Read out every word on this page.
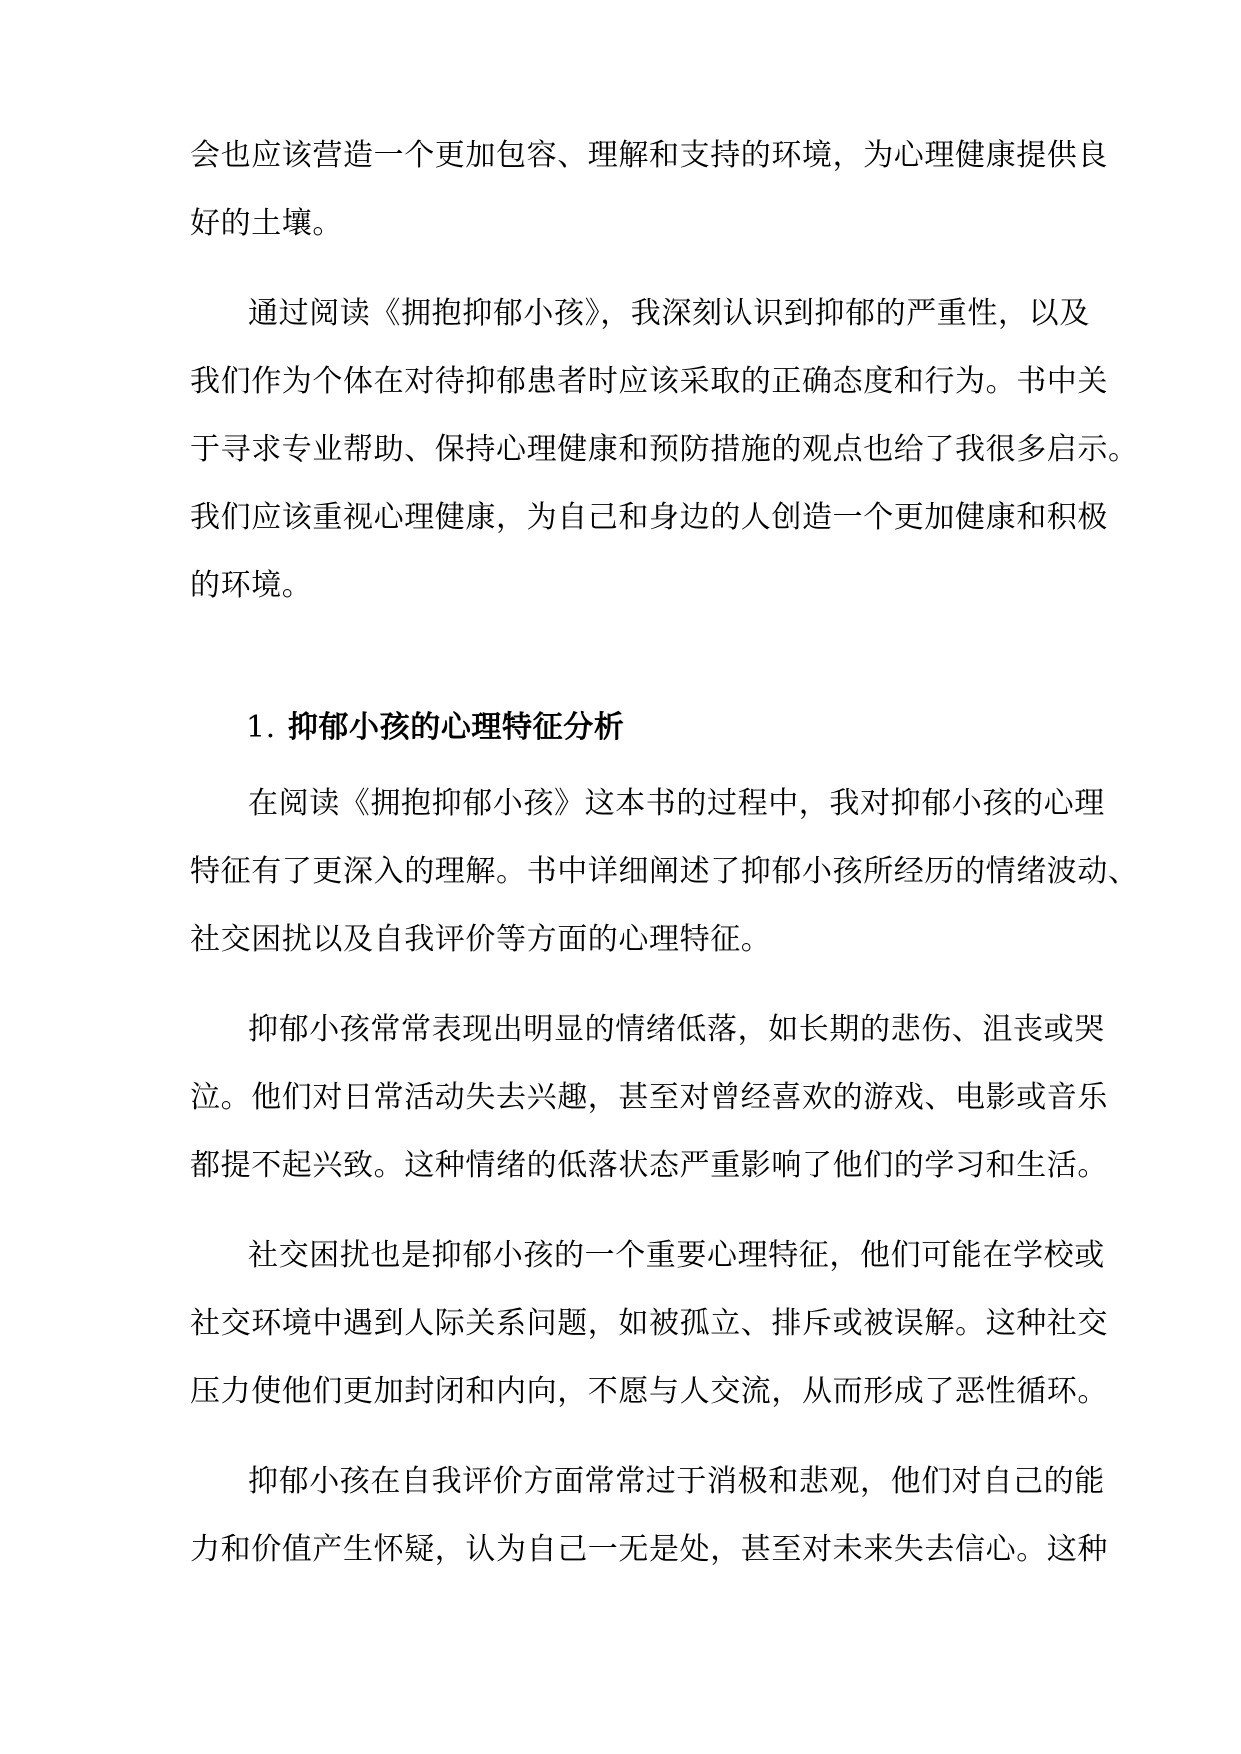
会也应该营造一个更加包容、理解和支持的环境，为心理健康提供良
好的土壤。
通过阅读《拥抱抑郁小孩》，我深刻认识到抑郁的严重性，以及
我们作为个体在对待抑郁患者时应该采取的正确态度和行为。书中关
于寻求专业帮助、保持心理健康和预防措施的观点也给了我很多启示。
我们应该重视心理健康，为自己和身边的人创造一个更加健康和积极
的环境。
1. 抑郁小孩的心理特征分析
在阅读《拥抱抑郁小孩》这本书的过程中，我对抑郁小孩的心理
特征有了更深入的理解。书中详细阐述了抑郁小孩所经历的情绪波动、
社交困扰以及自我评价等方面的心理特征。
抑郁小孩常常表现出明显的情绪低落，如长期的悲伤、沮丧或哭
泣。他们对日常活动失去兴趣，甚至对曾经喜欢的游戏、电影或音乐
都提不起兴致。这种情绪的低落状态严重影响了他们的学习和生活。
社交困扰也是抑郁小孩的一个重要心理特征，他们可能在学校或
社交环境中遇到人际关系问题，如被孤立、排斥或被误解。这种社交
压力使他们更加封闭和内向，不愿与人交流，从而形成了恶性循环。
抑郁小孩在自我评价方面常常过于消极和悲观，他们对自己的能
力和价值产生怀疑，认为自己一无是处，甚至对未来失去信心。这种
